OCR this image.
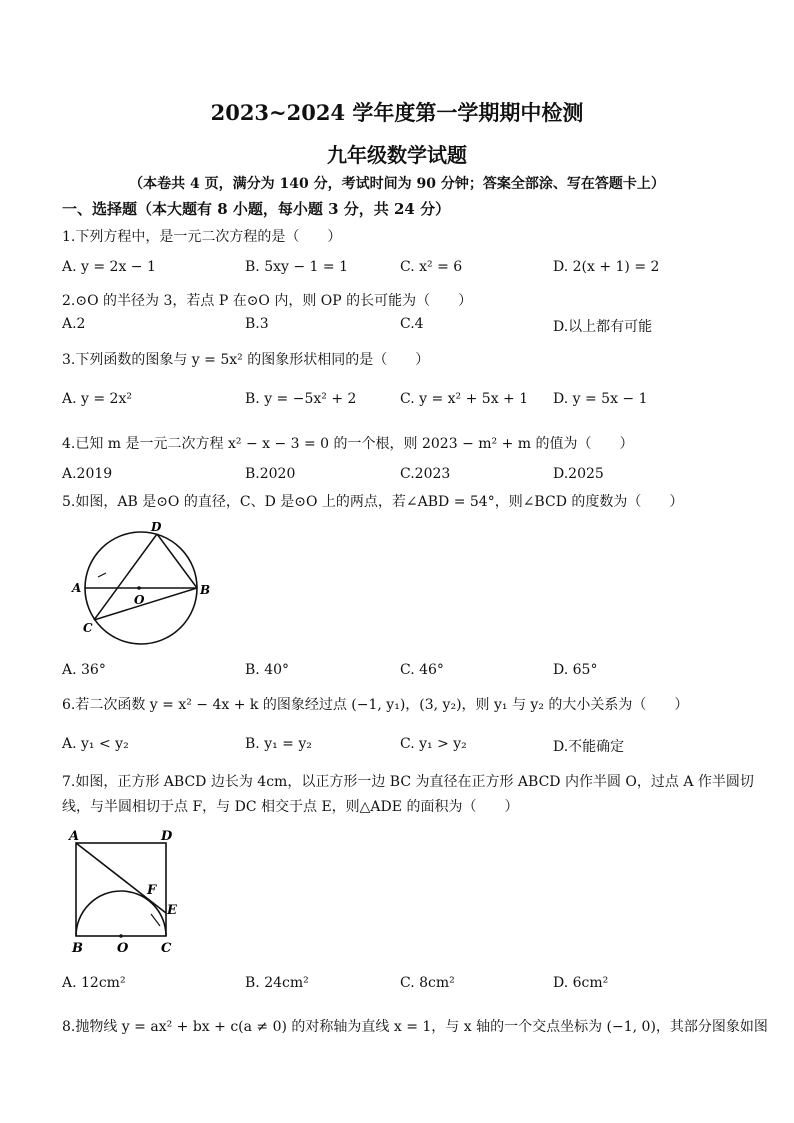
2023~2024 学年度第一学期期中检测
九年级数学试题
（本卷共 4 页，满分为 140 分，考试时间为 90 分钟；答案全部涂、写在答题卡上）
一、选择题（本大题有 8 小题，每小题 3 分，共 24 分）
1.下列方程中，是一元二次方程的是（　　）
A. y = 2x − 1	B. 5xy − 1 = 1	C. x² = 6	D. 2(x + 1) = 2
2.⊙O 的半径为 3，若点 P 在⊙O 内，则 OP 的长可能为（　　）
A.2	B.3	C.4	D.以上都有可能
3.下列函数的图象与 y = 5x² 的图象形状相同的是（　　）
A. y = 2x²	B. y = −5x² + 2	C. y = x² + 5x + 1 D. y = 5x − 1
4.已知 m 是一元二次方程 x² − x − 3 = 0 的一个根，则 2023 − m² + m 的值为（　　）
A.2019	B.2020	C.2023	D.2025
5.如图，AB 是⊙O 的直径，C、D 是⊙O 上的两点，若∠ABD = 54°，则∠BCD 的度数为（　　）
A	B
C
D
O
A. 36°	B. 40°	C. 46°	D. 65°
6.若二次函数 y = x² − 4x + k 的图象经过点 (−1, y₁)，(3, y₂)，则 y₁ 与 y₂ 的大小关系为（　　）
A. y₁ < y₂	B. y₁ = y₂	C. y₁ > y₂	D.不能确定
7.如图，正方形 ABCD 边长为 4cm，以正方形一边 BC 为直径在正方形 ABCD 内作半圆 O，过点 A 作半圆切
线，与半圆相切于点 F，与 DC 相交于点 E，则△ADE 的面积为（　　）
A	D
F
E
B	O	C
A. 12cm²	B. 24cm²	C. 8cm²	D. 6cm²
8.抛物线 y = ax² + bx + c(a ≠ 0) 的对称轴为直线 x = 1，与 x 轴的一个交点坐标为 (−1, 0)，其部分图象如图
